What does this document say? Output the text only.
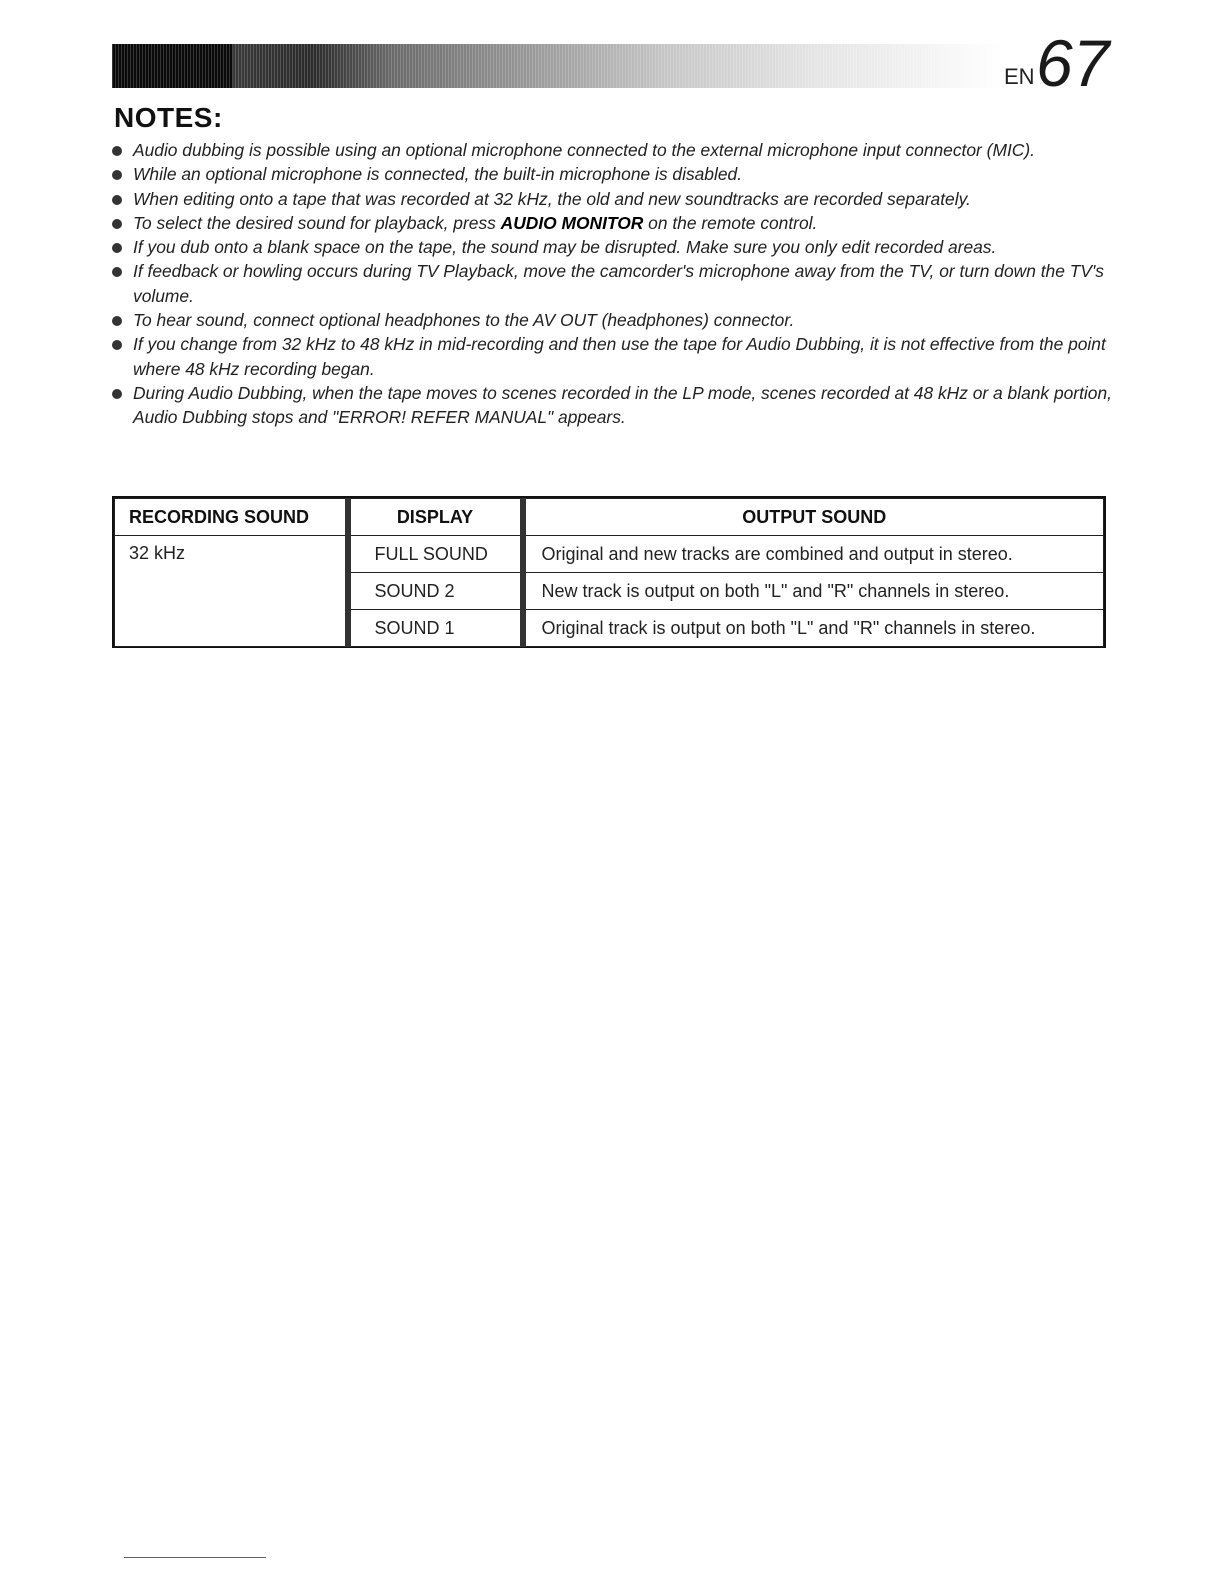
EN 67
NOTES:
Audio dubbing is possible using an optional microphone connected to the external microphone input connector (MIC).
While an optional microphone is connected, the built-in microphone is disabled.
When editing onto a tape that was recorded at 32 kHz, the old and new soundtracks are recorded separately.
To select the desired sound for playback, press AUDIO MONITOR on the remote control.
If you dub onto a blank space on the tape, the sound may be disrupted. Make sure you only edit recorded areas.
If feedback or howling occurs during TV Playback, move the camcorder's microphone away from the TV, or turn down the TV's volume.
To hear sound, connect optional headphones to the AV OUT (headphones) connector.
If you change from 32 kHz to 48 kHz in mid-recording and then use the tape for Audio Dubbing, it is not effective from the point where 48 kHz recording began.
During Audio Dubbing, when the tape moves to scenes recorded in the LP mode, scenes recorded at 48 kHz or a blank portion, Audio Dubbing stops and "ERROR! REFER MANUAL" appears.
RECORDING SOUND	DISPLAY	OUTPUT SOUND
32 kHz	FULL SOUND	Original and new tracks are combined and output in stereo.
	SOUND 2	New track is output on both "L" and "R" channels in stereo.
	SOUND 1	Original track is output on both "L" and "R" channels in stereo.
